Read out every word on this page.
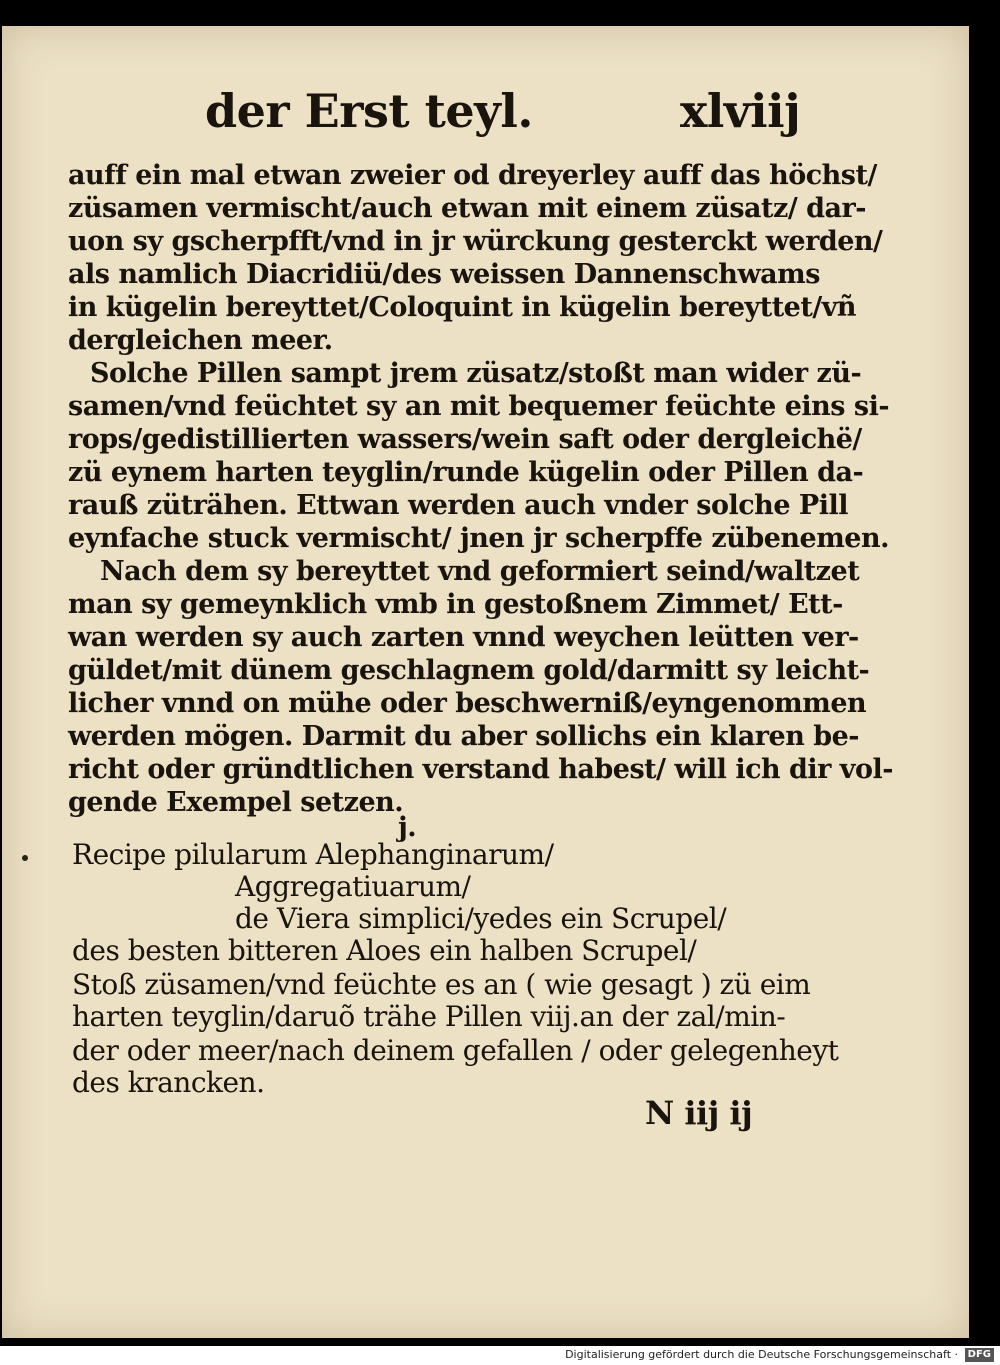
der Erst teyl.	xlviij
auff ein mal etwan zweier od dreyerley auff das höchst/
züsamen vermischt/auch etwan mit einem züsatz/ dar-
uon sy gscherpfft/vnd in jr würckung gesterckt werden/
als namlich Diacridiü/des weissen Dannenschwams
in kügelin bereyttet/Coloquint in kügelin bereyttet/vñ
dergleichen meer.
Solche Pillen sampt jrem züsatz/stoßt man wider zü-
samen/vnd feüchtet sy an mit bequemer feüchte eins si-
rops/gedistillierten wassers/wein saft oder dergleichë/
zü eynem harten teyglin/runde kügelin oder Pillen da-
rauß züträhen. Ettwan werden auch vnder solche Pill
eynfache stuck vermischt/ jnen jr scherpffe zübenemen.
Nach dem sy bereyttet vnd geformiert seind/waltzet
man sy gemeynklich vmb in gestoßnem Zimmet/ Ett-
wan werden sy auch zarten vnnd weychen leütten ver-
güldet/mit dünem geschlagnem gold/darmitt sy leicht-
licher vnnd on mühe oder beschwerniß/eyngenommen
werden mögen. Darmit du aber sollichs ein klaren be-
richt oder gründtlichen verstand habest/ will ich dir vol-
gende Exempel setzen.
j.
Recipe pilularum Alephanginarum/
Aggregatiuarum/
de Viera simplici/yedes ein Scrupel/
des besten bitteren Aloes ein halben Scrupel/
Stoß züsamen/vnd feüchte es an ( wie gesagt ) zü eim
harten teyglin/daruõ trähe Pillen viij.an der zal/min-
der oder meer/nach deinem gefallen / oder gelegenheyt
des krancken.
N iij ij
Digitalisierung gefördert durch die Deutsche Forschungsgemeinschaft · DFG
